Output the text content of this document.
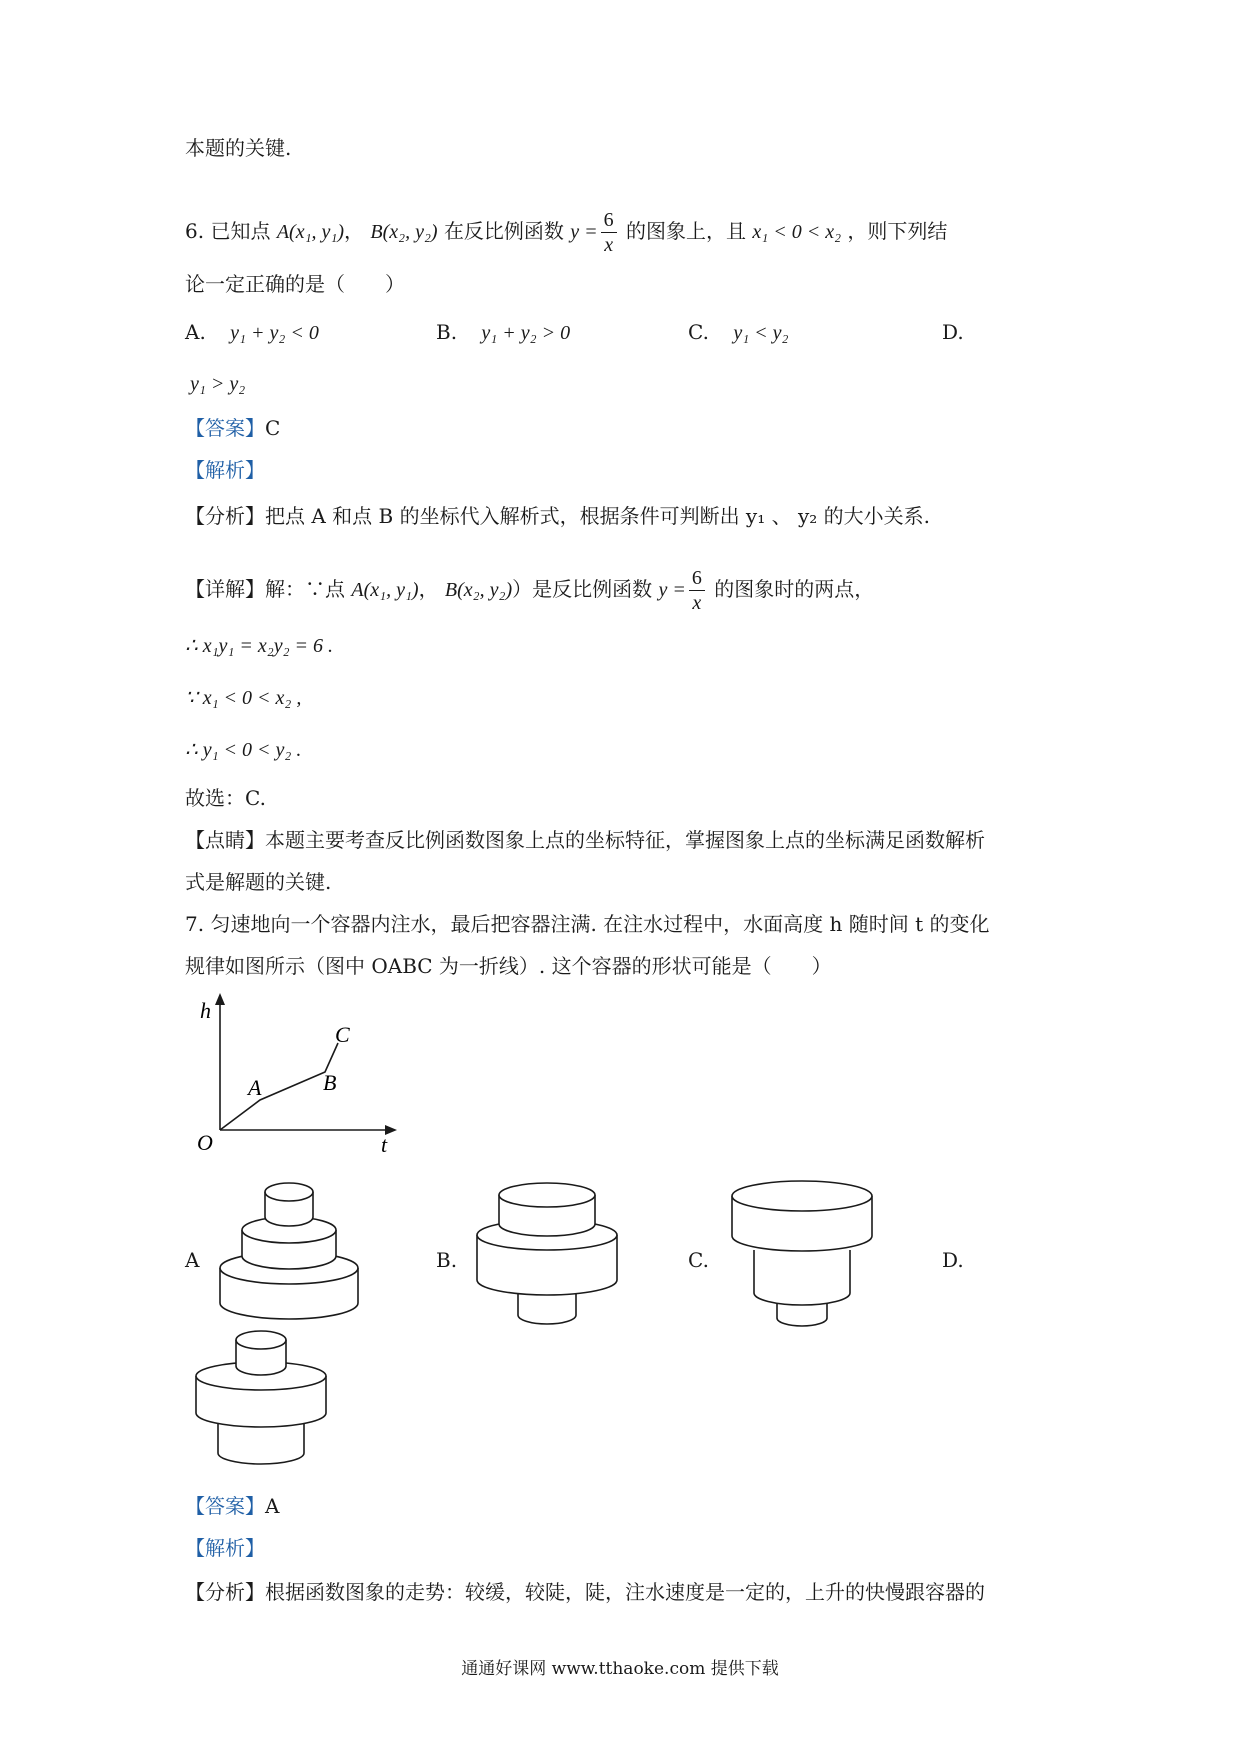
本题的关键.
6. 已知点 A(x₁, y₁)， B(x₂, y₂) 在反比例函数 $y = \frac{6}{x}$ 的图象上，且 x₁ < 0 < x₂ ，则下列结
论一定正确的是（　　）
A. y₁ + y₂ < 0	B. y₁ + y₂ > 0	C. y₁ < y₂	D.
y₁ > y₂
【答案】C
【解析】
【分析】把点 A 和点 B 的坐标代入解析式，根据条件可判断出 y₁ 、 y₂ 的大小关系.
【详解】解：∵点 A(x₁, y₁)， B(x₂, y₂)）是反比例函数 $y = \frac{6}{x}$ 的图象时的两点，
∴ x₁y₁ = x₂y₂ = 6 .
∵ x₁ < 0 < x₂ ,
∴ y₁ < 0 < y₂ .
故选：C.
【点睛】本题主要考查反比例函数图象上点的坐标特征，掌握图象上点的坐标满足函数解析
式是解题的关键.
7. 匀速地向一个容器内注水，最后把容器注满. 在注水过程中，水面高度 h 随时间 t 的变化
规律如图所示（图中 OABC 为一折线）. 这个容器的形状可能是（　　）
h
t
O
A	B
C
A	B.	C.	D.
【答案】A
【解析】
【分析】根据函数图象的走势：较缓，较陡，陡，注水速度是一定的，上升的快慢跟容器的
通通好课网 www.tthaoke.com 提供下载
